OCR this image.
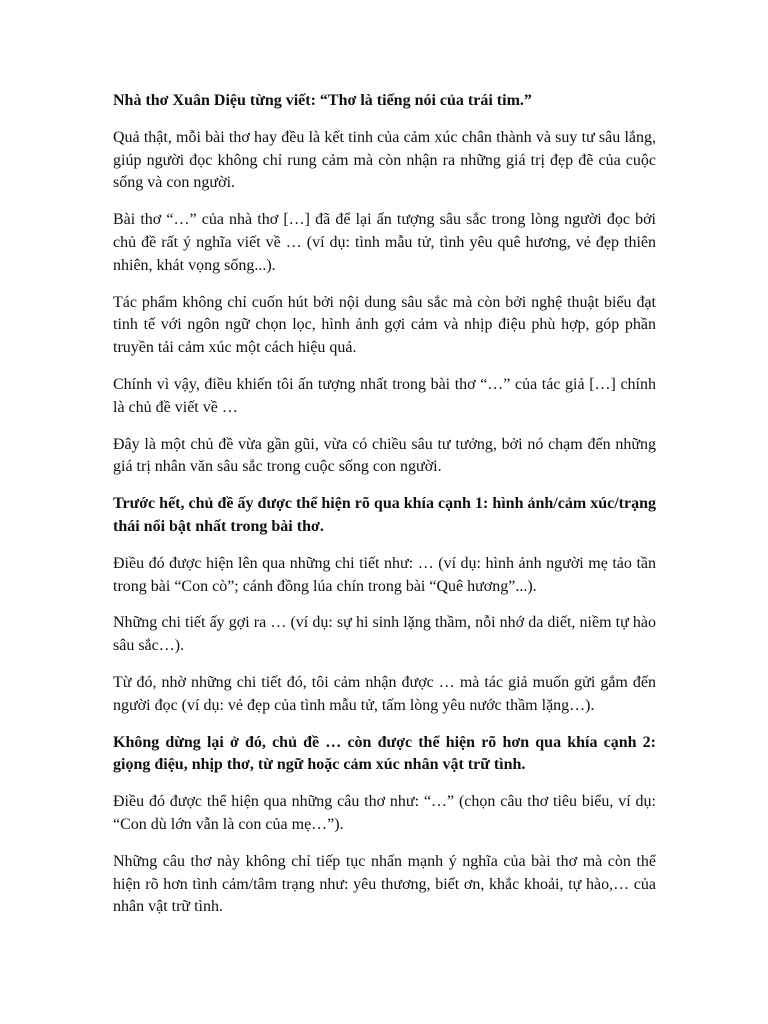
Nhà thơ Xuân Diệu từng viết: “Thơ là tiếng nói của trái tim.”

Quả thật, mỗi bài thơ hay đều là kết tinh của cảm xúc chân thành và suy tư sâu lắng, giúp người đọc không chỉ rung cảm mà còn nhận ra những giá trị đẹp đẽ của cuộc sống và con người.

Bài thơ “…” của nhà thơ […] đã để lại ấn tượng sâu sắc trong lòng người đọc bởi chủ đề rất ý nghĩa viết về … (ví dụ: tình mẫu tử, tình yêu quê hương, vẻ đẹp thiên nhiên, khát vọng sống...).

Tác phẩm không chỉ cuốn hút bởi nội dung sâu sắc mà còn bởi nghệ thuật biểu đạt tinh tế với ngôn ngữ chọn lọc, hình ảnh gợi cảm và nhịp điệu phù hợp, góp phần truyền tải cảm xúc một cách hiệu quả.

Chính vì vậy, điều khiến tôi ấn tượng nhất trong bài thơ “…” của tác giả […] chính là chủ đề viết về …

Đây là một chủ đề vừa gần gũi, vừa có chiều sâu tư tưởng, bởi nó chạm đến những giá trị nhân văn sâu sắc trong cuộc sống con người.

Trước hết, chủ đề ấy được thể hiện rõ qua khía cạnh 1: hình ảnh/cảm xúc/trạng thái nổi bật nhất trong bài thơ.

Điều đó được hiện lên qua những chi tiết như: … (ví dụ: hình ảnh người mẹ tảo tần trong bài “Con cò”; cánh đồng lúa chín trong bài “Quê hương”...).

Những chi tiết ấy gợi ra … (ví dụ: sự hi sinh lặng thầm, nỗi nhớ da diết, niềm tự hào sâu sắc…).

Từ đó, nhờ những chi tiết đó, tôi cảm nhận được … mà tác giả muốn gửi gắm đến người đọc (ví dụ: vẻ đẹp của tình mẫu tử, tấm lòng yêu nước thầm lặng…).

Không dừng lại ở đó, chủ đề … còn được thể hiện rõ hơn qua khía cạnh 2: giọng điệu, nhịp thơ, từ ngữ hoặc cảm xúc nhân vật trữ tình.

Điều đó được thể hiện qua những câu thơ như: “…” (chọn câu thơ tiêu biểu, ví dụ: “Con dù lớn vẫn là con của mẹ…”).

Những câu thơ này không chỉ tiếp tục nhấn mạnh ý nghĩa của bài thơ mà còn thể hiện rõ hơn tình cảm/tâm trạng như: yêu thương, biết ơn, khắc khoải, tự hào,… của nhân vật trữ tình.
